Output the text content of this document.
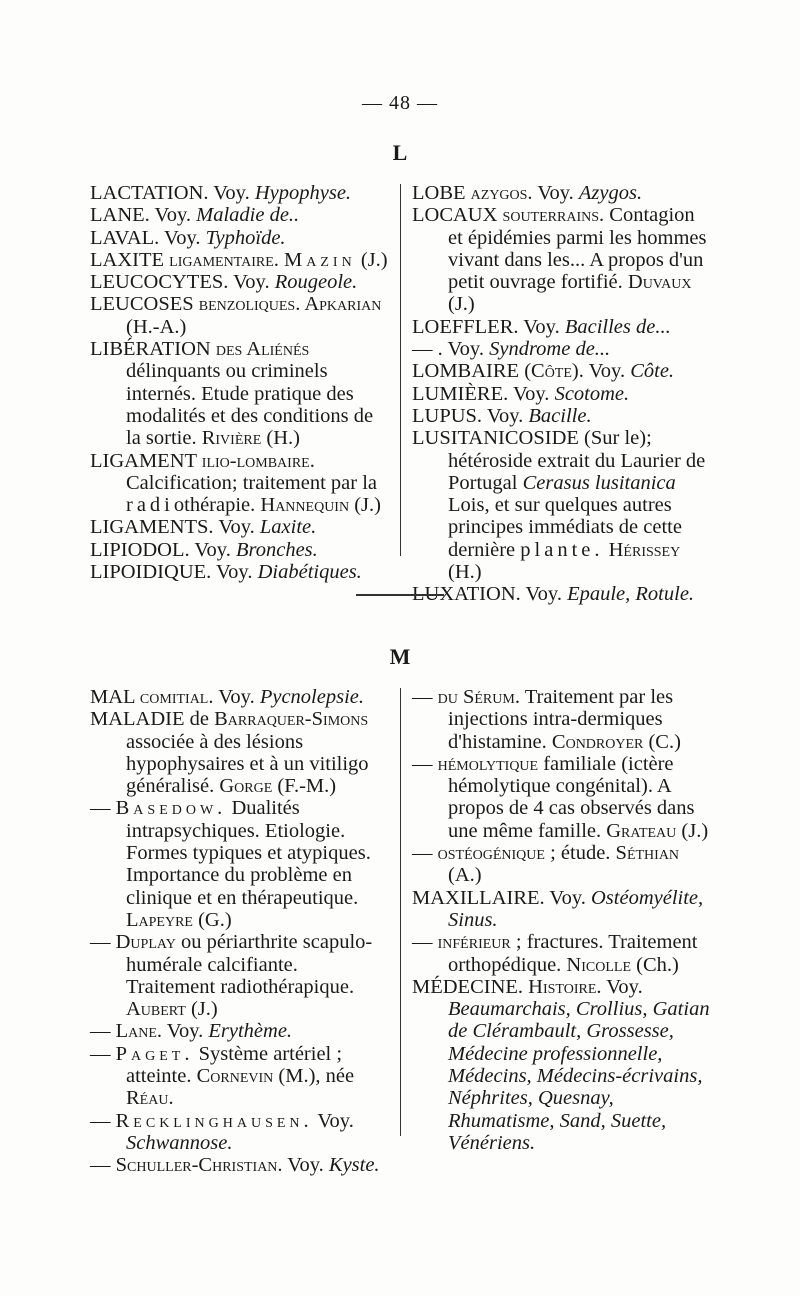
— 48 —
L
LACTATION. Voy. Hypophyse.
LANE. Voy. Maladie de..
LAVAL. Voy. Typhoïde.
LAXITE ligamentaire. Mazin (J.)
LEUCOCYTES. Voy. Rougeole.
LEUCOSES benzoliques. Apkarian (H.-A.)
LIBÉRATION des Aliénés délinquants ou criminels internés. Etude pratique des modalités et des conditions de la sortie. Rivière (H.)
LIGAMENT ilio-lombaire. Calcification; traitement par la radiothérapie. Hannequin (J.)
LIGAMENTS. Voy. Laxite.
LIPIODOL. Voy. Bronches.
LIPOIDIQUE. Voy. Diabétiques.
LOBE azygos. Voy. Azygos.
LOCAUX souterrains. Contagion et épidémies parmi les hommes vivant dans les... A propos d'un petit ouvrage fortifié. Duvaux (J.)
LOEFFLER. Voy. Bacilles de...
— . Voy. Syndrome de...
LOMBAIRE (Côte). Voy. Côte.
LUMIÈRE. Voy. Scotome.
LUPUS. Voy. Bacille.
LUSITANICOSIDE (Sur le); hétéroside extrait du Laurier de Portugal Cerasus lusitanica Lois, et sur quelques autres principes immédiats de cette dernière plante. Hérissey (H.)
LUXATION. Voy. Epaule, Rotule.
M
MAL comitial. Voy. Pycnolepsie.
MALADIE de Barraquer-Simons associée à des lésions hypophysaires et à un vitiligo généralisé. Gorge (F.-M.)
— Basedow. Dualités intrapsychiques. Etiologie. Formes typiques et atypiques. Importance du problème en clinique et en thérapeutique. Lapeyre (G.)
— Duplay ou périarthrite scapulo-humérale calcifiante. Traitement radiothérapique. Aubert (J.)
— Lane. Voy. Erythème.
— Paget. Système artériel ; atteinte. Cornevin (M.), née Réau.
— Recklinghausen. Voy. Schwannose.
— Schuller-Christian. Voy. Kyste.
— du Sérum. Traitement par les injections intra-dermiques d'histamine. Condroyer (C.)
— hémolytique familiale (ictère hémolytique congénital). A propos de 4 cas observés dans une même famille. Grateau (J.)
— ostéogénique ; étude. Séthian (A.)
MAXILLAIRE. Voy. Ostéomyélite, Sinus.
— inférieur ; fractures. Traitement orthopédique. Nicolle (Ch.)
MÉDECINE. Histoire. Voy. Beaumarchais, Crollius, Gatian de Clérambault, Grossesse, Médecine professionnelle, Médecins, Médecins-écrivains, Néphrites, Quesnay, Rhumatisme, Sand, Suette, Vénériens.
